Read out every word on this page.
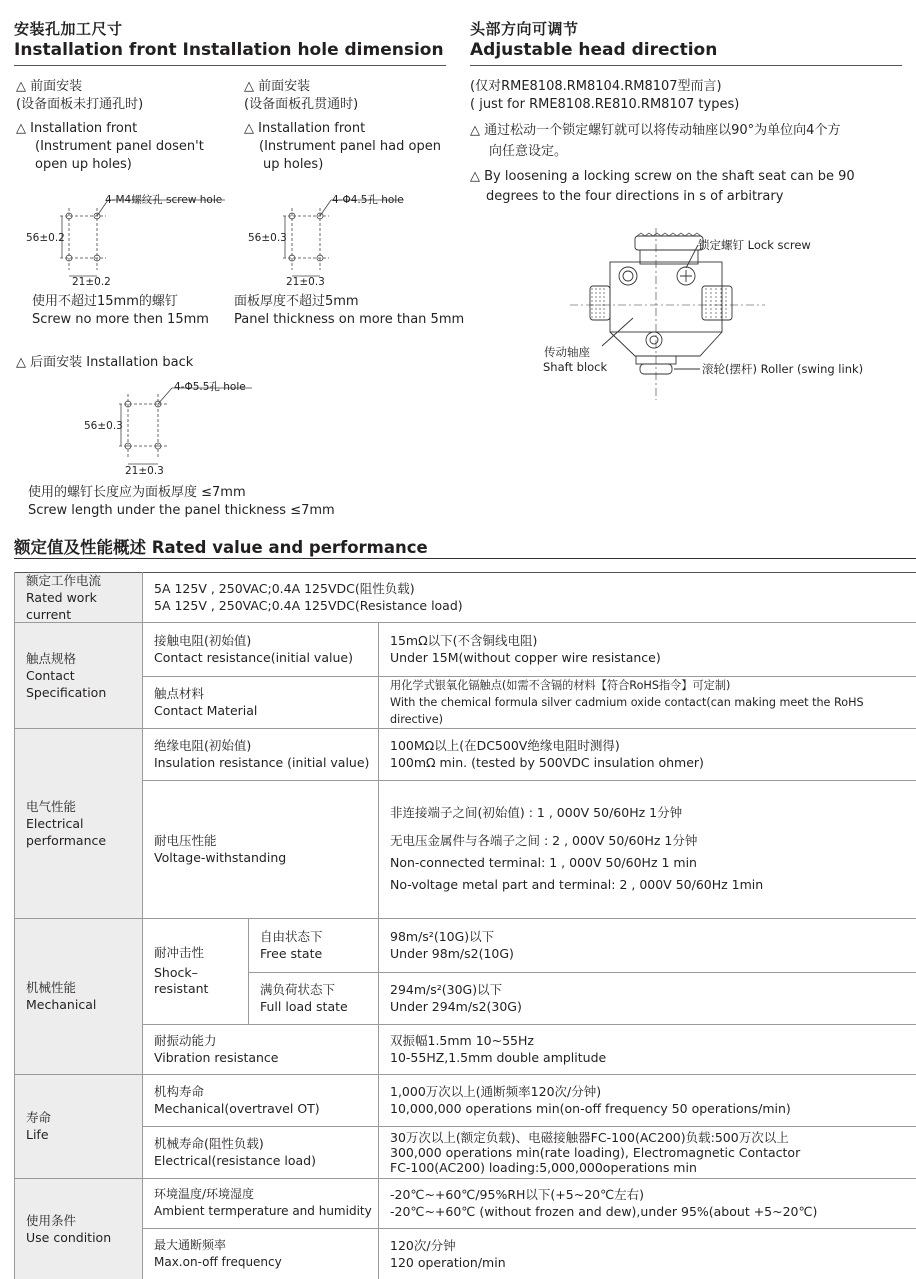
安装孔加工尺寸
Installation front Installation hole dimension
△ 前面安装
(设备面板未打通孔时)
△ Installation front
(Instrument panel dosen't
open up holes)
△ 前面安装
(设备面板孔贯通时)
△ Installation front
(Instrument panel had open
up holes)
4-M4螺纹孔 screw hole
56±0.2
21±0.2
4-Φ4.5孔 hole
56±0.3
21±0.3
使用不超过15mm的螺钉
Screw no more then 15mm
面板厚度不超过5mm
Panel thickness on more than 5mm
△ 后面安装 Installation back
4-Φ5.5孔 hole
56±0.3
21±0.3
使用的螺钉长度应为面板厚度 ≤7mm
Screw length under the panel thickness ≤7mm
头部方向可调节
Adjustable head direction
(仅对RME8108.RM8104.RM8107型而言)
( just for RME8108.RE810.RM8107 types)
△ 通过松动一个锁定螺钉就可以将传动轴座以90°为单位向4个方
向任意设定。
△ By loosening a locking screw on the shaft seat can be 90
degrees to the four directions in s of arbitrary
锁定螺钉 Lock screw
传动轴座
Shaft block	滚轮(摆杆) Roller (swing link)
额定值及性能概述 Rated value and performance
额定工作电流
Rated work current
5A 125V , 250VAC;0.4A 125VDC(阻性负载)
5A 125V , 250VAC;0.4A 125VDC(Resistance load)
触点规格
Contact
Specification
接触电阻(初始值)
Contact resistance(initial value)
15mΩ以下(不含铜线电阻)
Under 15M(without copper wire resistance)
触点材料
Contact Material
用化学式银氧化镉触点(如需不含镉的材料【符合RoHS指令】可定制)
With the chemical formula silver cadmium oxide contact(can making meet the RoHS directive)
电气性能
Electrical
performance
绝缘电阻(初始值)
Insulation resistance (initial value)
100MΩ以上(在DC500V绝缘电阻时测得)
100mΩ min. (tested by 500VDC insulation ohmer)
耐电压性能
Voltage-withstanding
非连接端子之间(初始值) : 1 , 000V 50/60Hz 1分钟
无电压金属件与各端子之间 : 2 , 000V 50/60Hz 1分钟
Non-connected terminal: 1 , 000V 50/60Hz 1 min
No-voltage metal part and terminal: 2 , 000V 50/60Hz 1min
机械性能
Mechanical
耐冲击性
Shock–
resistant
自由状态下
Free state
98m/s²(10G)以下
Under 98m/s2(10G)
满负荷状态下
Full load state
294m/s²(30G)以下
Under 294m/s2(30G)
耐振动能力
Vibration resistance
双振幅1.5mm 10~55Hz
10-55HZ,1.5mm double amplitude
寿命
Life
机构寿命
Mechanical(overtravel OT)
1,000万次以上(通断频率120次/分钟)
10,000,000 operations min(on-off frequency 50 operations/min)
机械寿命(阻性负载)
Electrical(resistance load)
30万次以上(额定负载)、电磁接触器FC-100(AC200)负载:500万次以上
300,000 operations min(rate loading), Electromagnetic Contactor
FC-100(AC200) loading:5,000,000operations min
使用条件
Use condition
环境温度/环境湿度
Ambient termperature and humidity
-20℃~+60℃/95%RH以下(+5~20℃左右)
-20℃~+60℃ (without frozen and dew),under 95%(about +5~20℃)
最大通断频率
Max.on-off frequency
120次/分钟
120 operation/min
